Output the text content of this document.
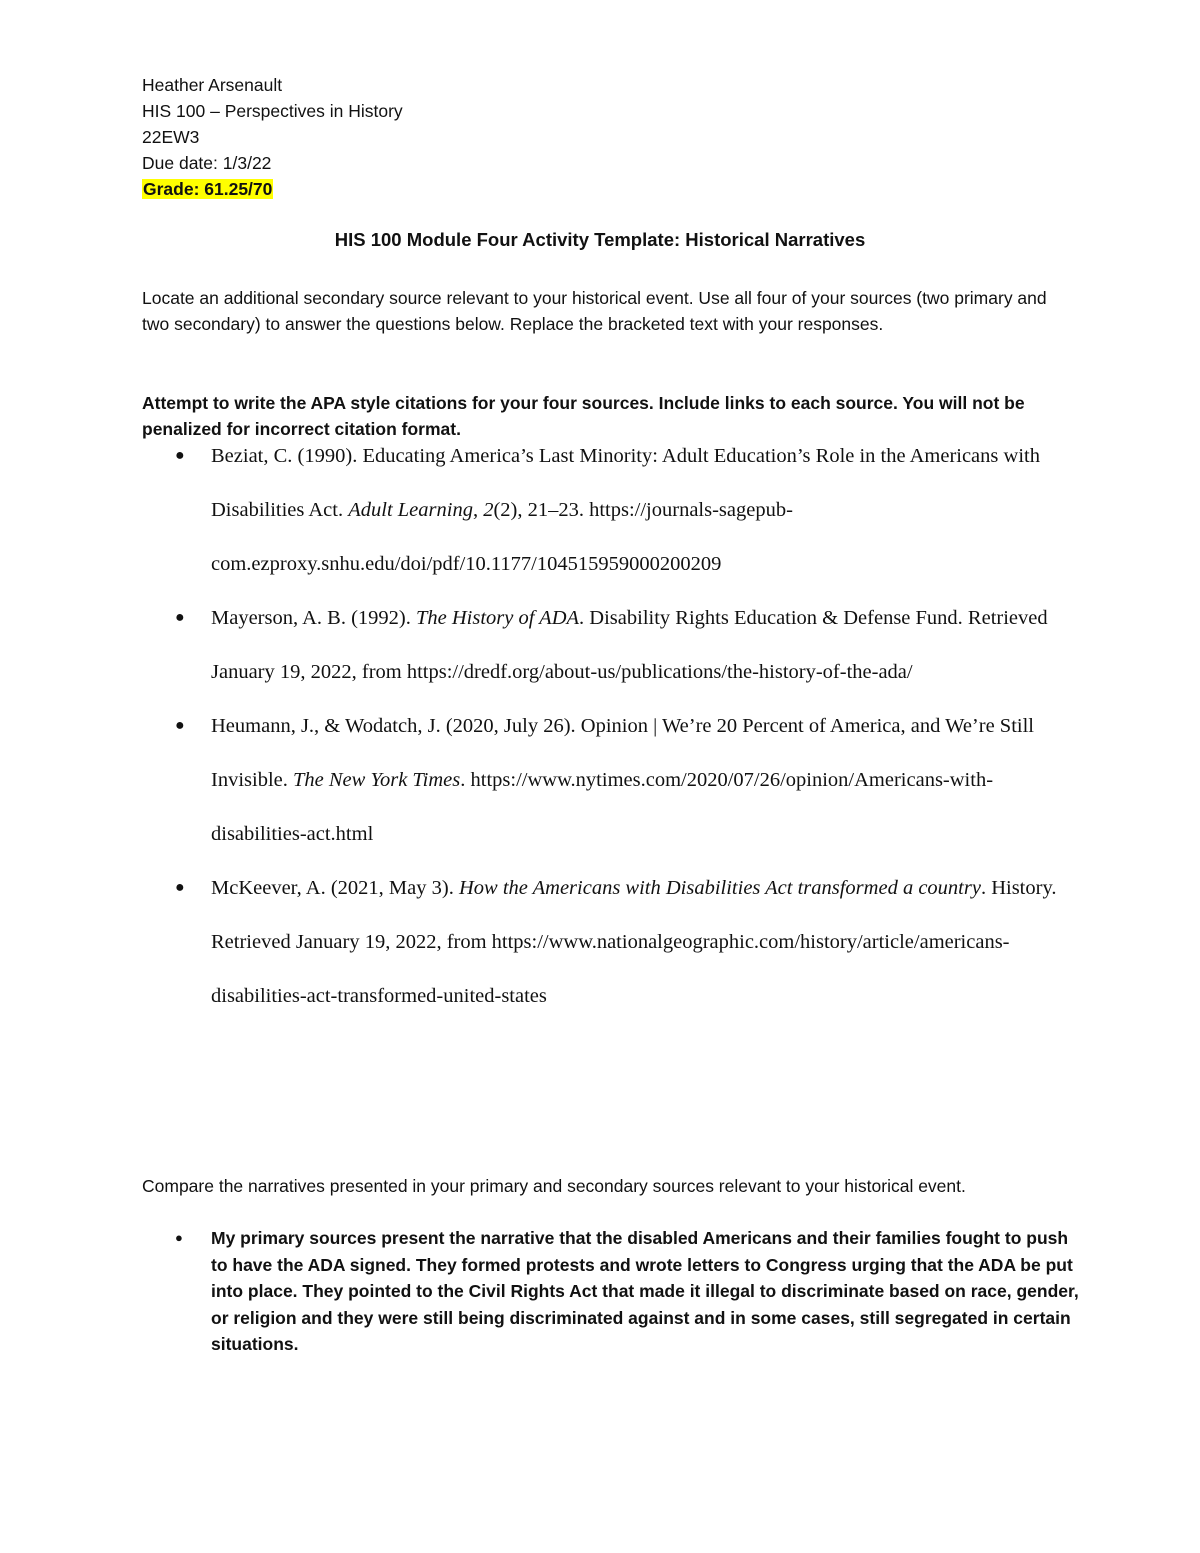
Heather Arsenault
HIS 100 – Perspectives in History
22EW3
Due date: 1/3/22
Grade: 61.25/70
HIS 100 Module Four Activity Template: Historical Narratives
Locate an additional secondary source relevant to your historical event. Use all four of your sources (two primary and two secondary) to answer the questions below. Replace the bracketed text with your responses.
Attempt to write the APA style citations for your four sources. Include links to each source. You will not be penalized for incorrect citation format.
● Beziat, C. (1990). Educating America’s Last Minority: Adult Education’s Role in the Americans with Disabilities Act. Adult Learning, 2(2), 21–23. https://journals-sagepub-com.ezproxy.snhu.edu/doi/pdf/10.1177/104515959000200209
● Mayerson, A. B. (1992). The History of ADA. Disability Rights Education & Defense Fund. Retrieved January 19, 2022, from https://dredf.org/about-us/publications/the-history-of-the-ada/
● Heumann, J., & Wodatch, J. (2020, July 26). Opinion | We’re 20 Percent of America, and We’re Still Invisible. The New York Times. https://www.nytimes.com/2020/07/26/opinion/Americans-with-disabilities-act.html
● McKeever, A. (2021, May 3). How the Americans with Disabilities Act transformed a country. History. Retrieved January 19, 2022, from https://www.nationalgeographic.com/history/article/americans-disabilities-act-transformed-united-states
Compare the narratives presented in your primary and secondary sources relevant to your historical event.
● My primary sources present the narrative that the disabled Americans and their families fought to push to have the ADA signed. They formed protests and wrote letters to Congress urging that the ADA be put into place. They pointed to the Civil Rights Act that made it illegal to discriminate based on race, gender, or religion and they were still being discriminated against and in some cases, still segregated in certain situations.
